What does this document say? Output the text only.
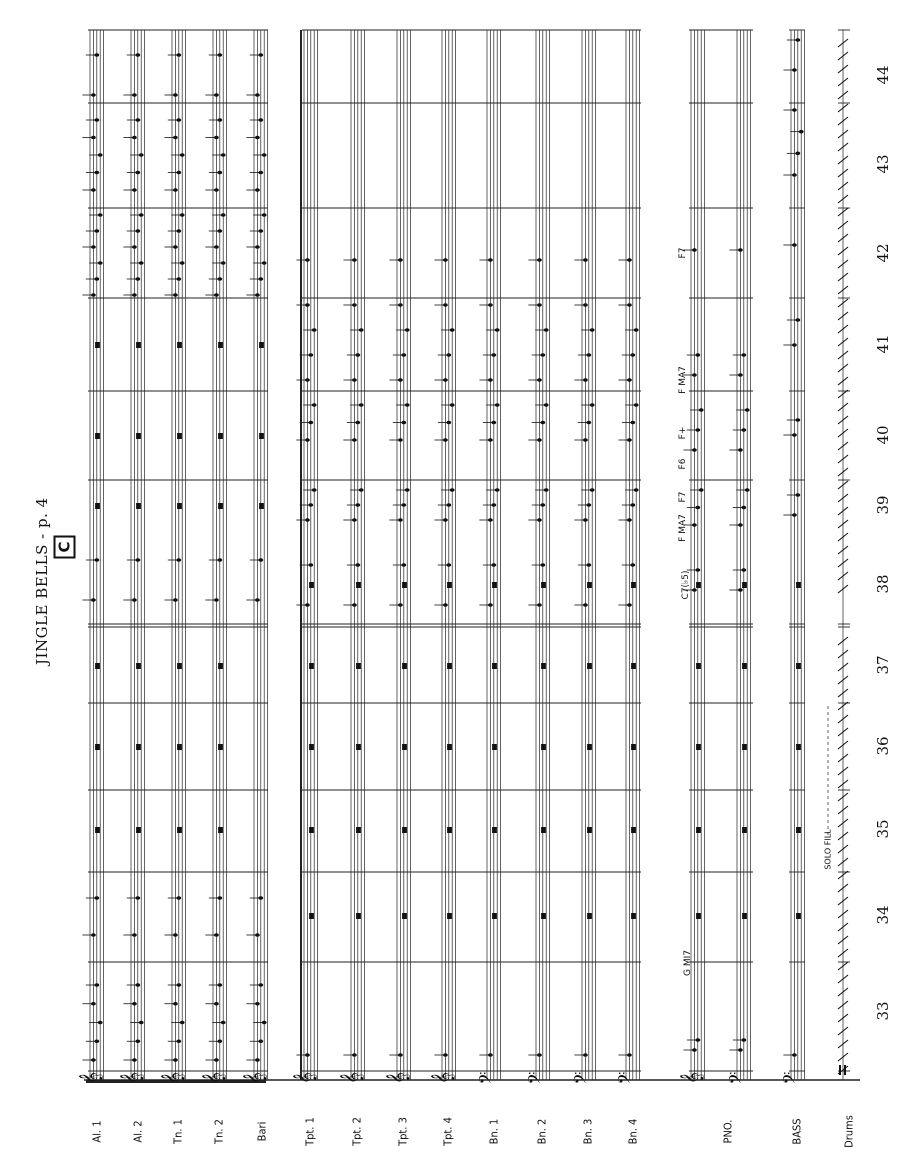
𝄞 𝄞 𝄞 𝄞 𝄞 𝄞 𝄞 𝄞 𝄞 𝄢 𝄢 𝄢 𝄢 𝄞 𝄢 𝄢
JINGLE BELLS - p. 4 C
Al. 1	Al. 2 Tn. 1	Tn. 2	Bari	Tpt. 1	Tpt. 2	Tpt. 3	Tpt. 4	Bn. 1	Bn. 2	Bn. 3	Bn. 4	PNO.	BASS	Drums
33
34
35
36
37
38
39
40
41
42
43
44
G MI7
C7(♭5)
F MA7
F7
F6
F+
F MA7
F7
SOLO FILL
